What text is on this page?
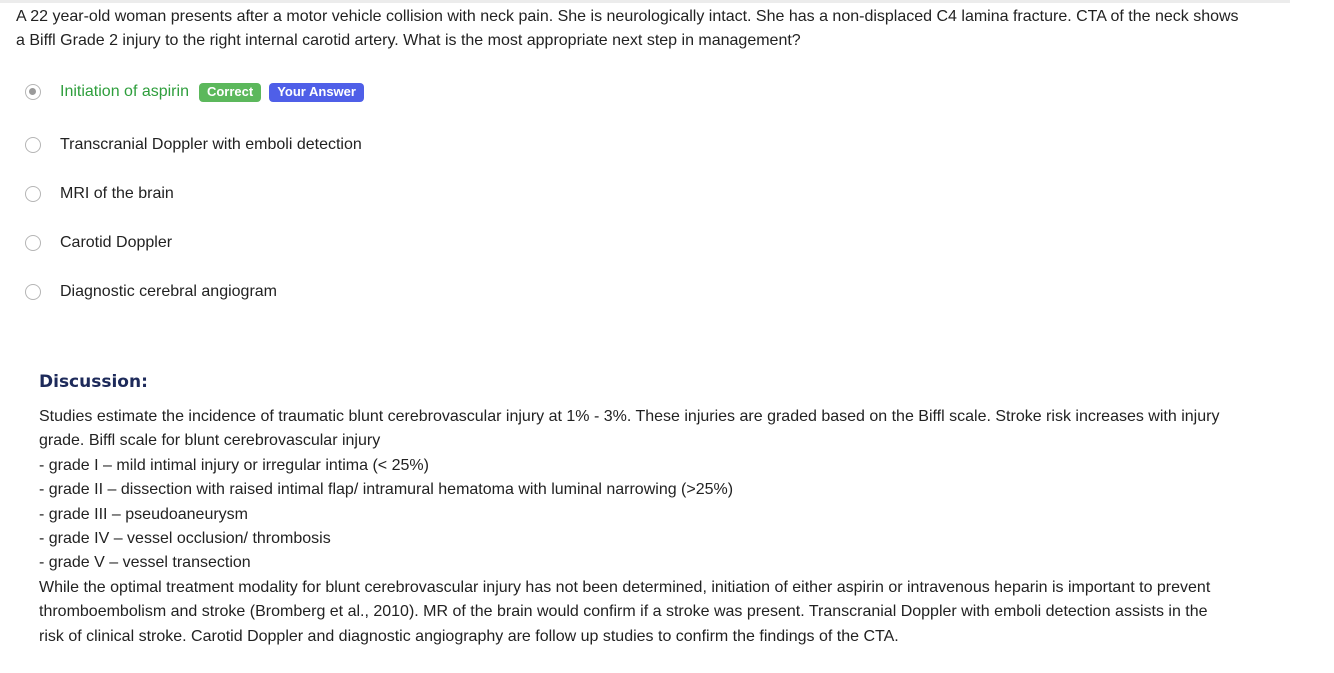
A 22 year-old woman presents after a motor vehicle collision with neck pain. She is neurologically intact. She has a non-displaced C4 lamina fracture. CTA of the neck shows a Biffl Grade 2 injury to the right internal carotid artery. What is the most appropriate next step in management?
Initiation of aspirin	Correct	Your Answer
Transcranial Doppler with emboli detection
MRI of the brain
Carotid Doppler
Diagnostic cerebral angiogram
Discussion:

Studies estimate the incidence of traumatic blunt cerebrovascular injury at 1% - 3%. These injuries are graded based on the Biffl scale. Stroke risk increases with injury grade. Biffl scale for blunt cerebrovascular injury

- grade I – mild intimal injury or irregular intima (< 25%)

- grade II – dissection with raised intimal flap/ intramural hematoma with luminal narrowing (>25%)

- grade III – pseudoaneurysm

- grade IV – vessel occlusion/ thrombosis

- grade V – vessel transection

While the optimal treatment modality for blunt cerebrovascular injury has not been determined, initiation of either aspirin or intravenous heparin is important to prevent thromboembolism and stroke (Bromberg et al., 2010). MR of the brain would confirm if a stroke was present. Transcranial Doppler with emboli detection assists in the risk of clinical stroke. Carotid Doppler and diagnostic angiography are follow up studies to confirm the findings of the CTA.
